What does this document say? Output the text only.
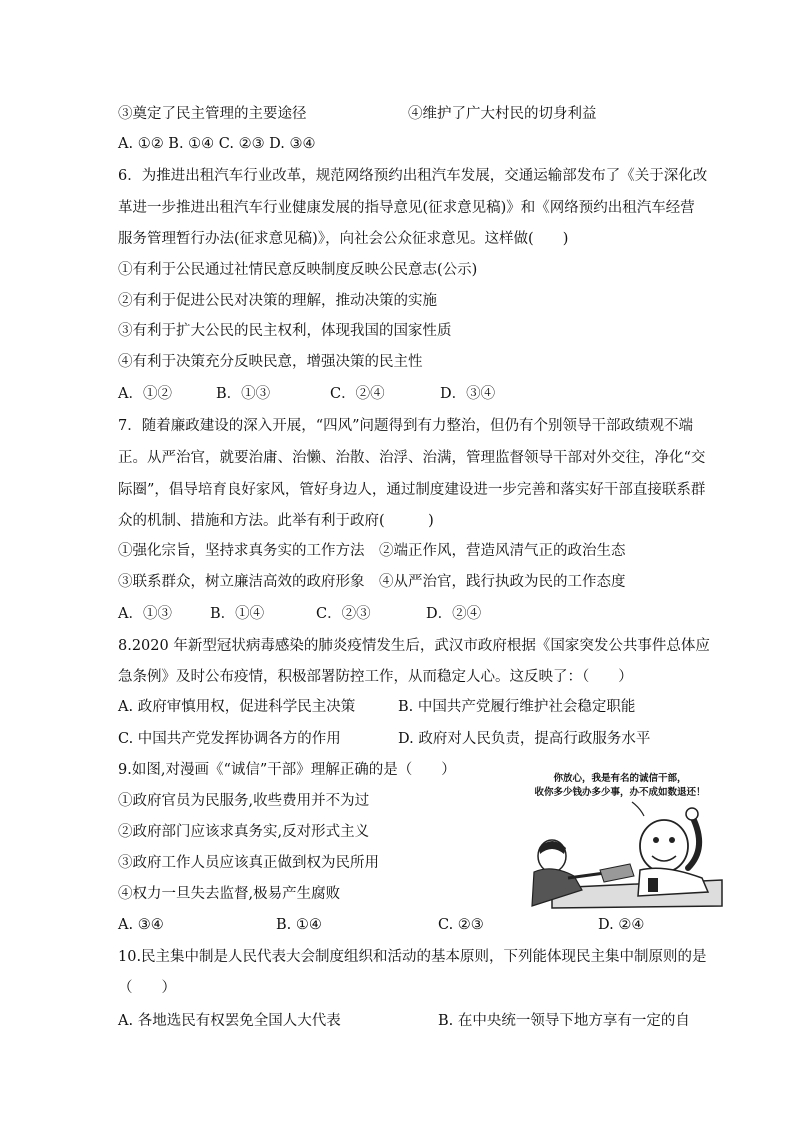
③奠定了民主管理的主要途径	④维护了广大村民的切身利益
A. ①② B. ①④ C. ②③ D. ③④
6．为推进出租汽车行业改革，规范网络预约出租汽车发展，交通运输部发布了《关于深化改
革进一步推进出租汽车行业健康发展的指导意见(征求意见稿)》和《网络预约出租汽车经营
服务管理暂行办法(征求意见稿)》，向社会公众征求意见。这样做(　　)
①有利于公民通过社情民意反映制度反映公民意志(公示)
②有利于促进公民对决策的理解，推动决策的实施
③有利于扩大公民的民主权利，体现我国的国家性质
④有利于决策充分反映民意，增强决策的民主性
A．①②	B．①③	C．②④	D．③④
7．随着廉政建设的深入开展，“四风”问题得到有力整治，但仍有个别领导干部政绩观不端
正。从严治官，就要治庸、治懒、治散、治浮、治满，管理监督领导干部对外交往，净化“交
际圈”，倡导培育良好家风，管好身边人，通过制度建设进一步完善和落实好干部直接联系群
众的机制、措施和方法。此举有利于政府(　　　)
①强化宗旨，坚持求真务实的工作方法　②端正作风，营造风清气正的政治生态
③联系群众，树立廉洁高效的政府形象　④从严治官，践行执政为民的工作态度
A．①③	B．①④	C．②③	D．②④
8.2020 年新型冠状病毒感染的肺炎疫情发生后，武汉市政府根据《国家突发公共事件总体应
急条例》及时公布疫情，积极部署防控工作，从而稳定人心。这反映了：（　　）
A. 政府审慎用权，促进科学民主决策	B. 中国共产党履行维护社会稳定职能
C. 中国共产党发挥协调各方的作用	D. 政府对人民负责，提高行政服务水平
9.如图,对漫画《“诚信”干部》理解正确的是（　　）
①政府官员为民服务,收些费用并不为过
②政府部门应该求真务实,反对形式主义
③政府工作人员应该真正做到权为民所用
④权力一旦失去监督,极易产生腐败
A. ③④	B. ①④	C. ②③	D. ②④
你放心，我是有名的诚信干部，
收你多少钱办多少事，办不成如数退还！
10.民主集中制是人民代表大会制度组织和活动的基本原则，下列能体现民主集中制原则的是
（　　）
A. 各地选民有权罢免全国人大代表	B. 在中央统一领导下地方享有一定的自
